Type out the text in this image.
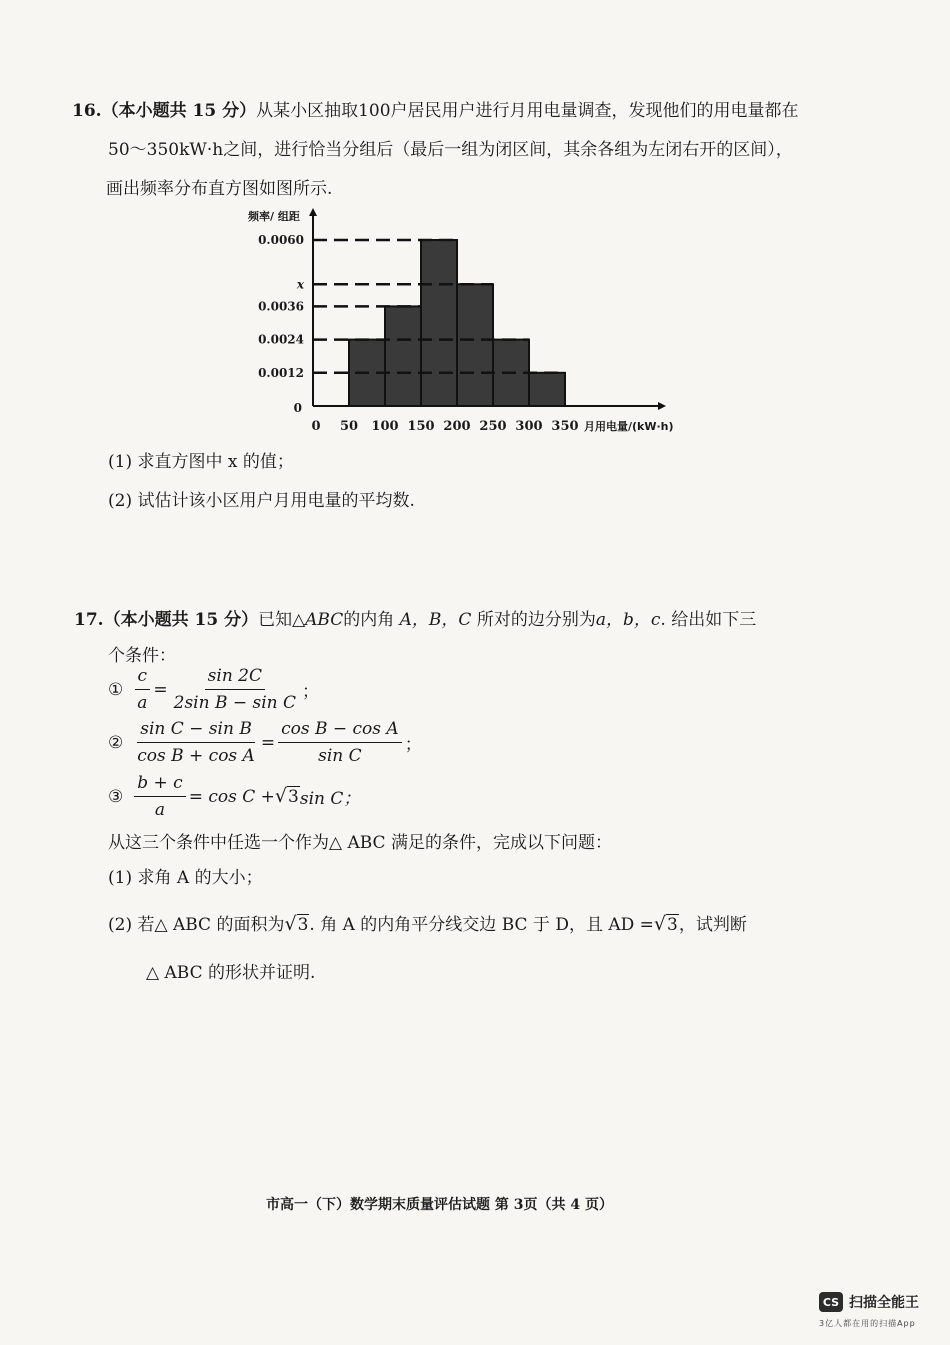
16.（本小题共 15 分）从某小区抽取100户居民用户进行月用电量调查，发现他们的用电量都在
50～350kW·h之间，进行恰当分组后（最后一组为闭区间，其余各组为左闭右开的区间），
画出频率分布直方图如图所示.
0
0.0012
0.0024
0.0036
x
0.0060
0 50 100 150 200 250 300 350
频率/ 组距
月用电量/(kW·h)
(1) 求直方图中 x 的值；
(2) 试估计该小区用户月用电量的平均数.
17.（本小题共 15 分）已知△ABC的内角 A，B，C 所对的边分别为a，b，c. 给出如下三
个条件：
① $\frac{c}{a} = \frac{\sin 2C}{\text{2sin B − sin C}}$ ；
② $\frac{\text{sin C − sin B}}{\text{cos B + cos A}} = \frac{\text{cos B − cos A}}{\text{sin C}}$ ；
③ $\frac{b + c}{a} = \cos C$ + √ 3 sin C；
从这三个条件中任选一个作为△ ABC 满足的条件，完成以下问题：
(1) 求角 A 的大小；
(2) 若△ ABC 的面积为 √ 3 . 角 A 的内角平分线交边 BC 于 D，且 AD = √ 3 ，试判断
△ ABC 的形状并证明.
市高一（下）数学期末质量评估试题 第 3页（共 4 页）
CS 扫描全能王
3亿人都在用的扫描App
